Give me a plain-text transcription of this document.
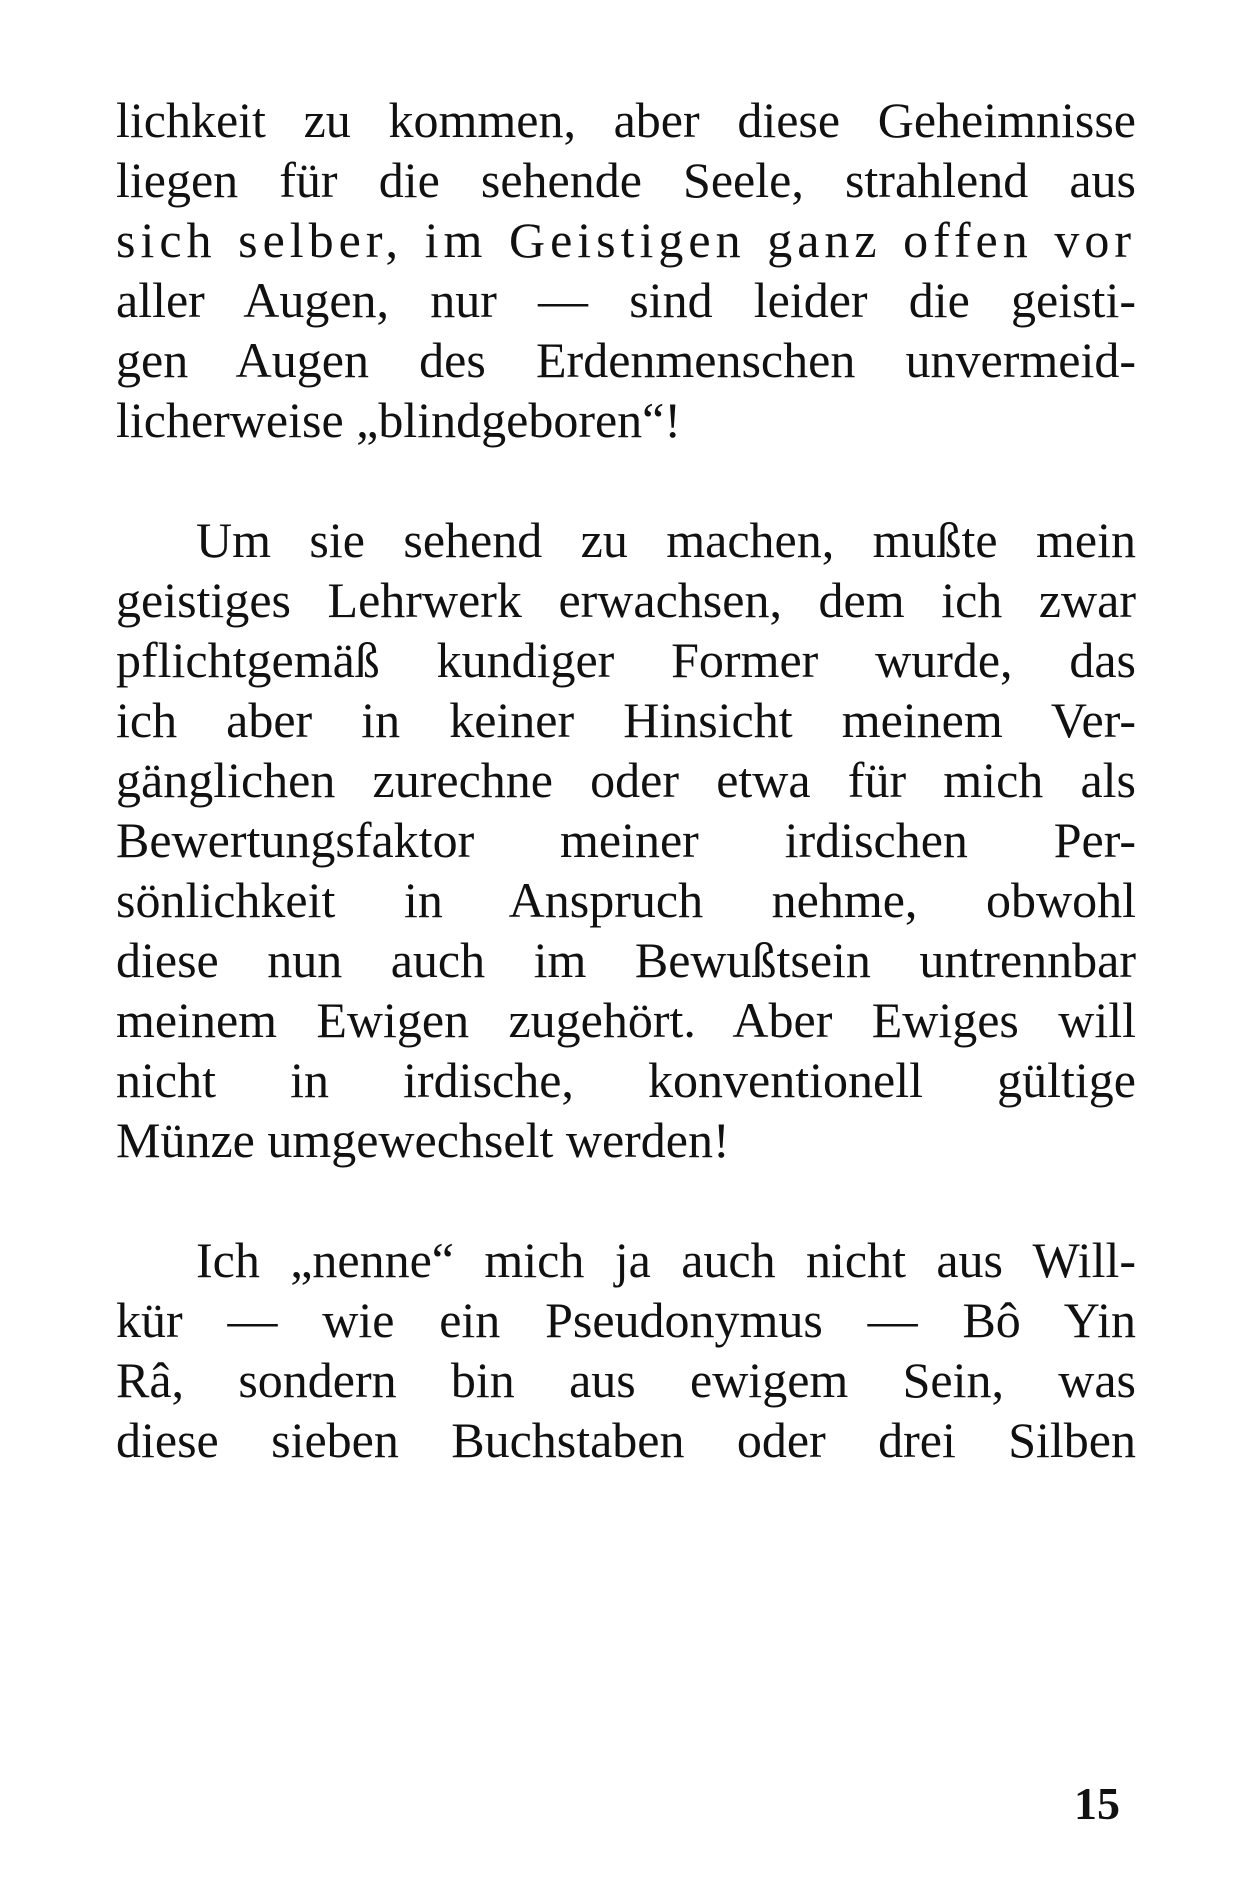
lichkeit zu kommen, aber diese Geheimnisse
liegen für die sehende Seele, strahlend aus
sich selber, im Geistigen ganz offen vor
aller Augen, nur — sind leider die geisti-
gen Augen des Erdenmenschen unvermeid-
licherweise „blindgeboren“!
Um sie sehend zu machen, mußte mein
geistiges Lehrwerk erwachsen, dem ich zwar
pflichtgemäß kundiger Former wurde, das
ich aber in keiner Hinsicht meinem Ver-
gänglichen zurechne oder etwa für mich als
Bewertungsfaktor meiner irdischen Per-
sönlichkeit in Anspruch nehme, obwohl
diese nun auch im Bewußtsein untrennbar
meinem Ewigen zugehört. Aber Ewiges will
nicht in irdische, konventionell gültige
Münze umgewechselt werden!
Ich „nenne“ mich ja auch nicht aus Will-
kür — wie ein Pseudonymus — Bô Yin
Râ, sondern bin aus ewigem Sein, was
diese sieben Buchstaben oder drei Silben
15
